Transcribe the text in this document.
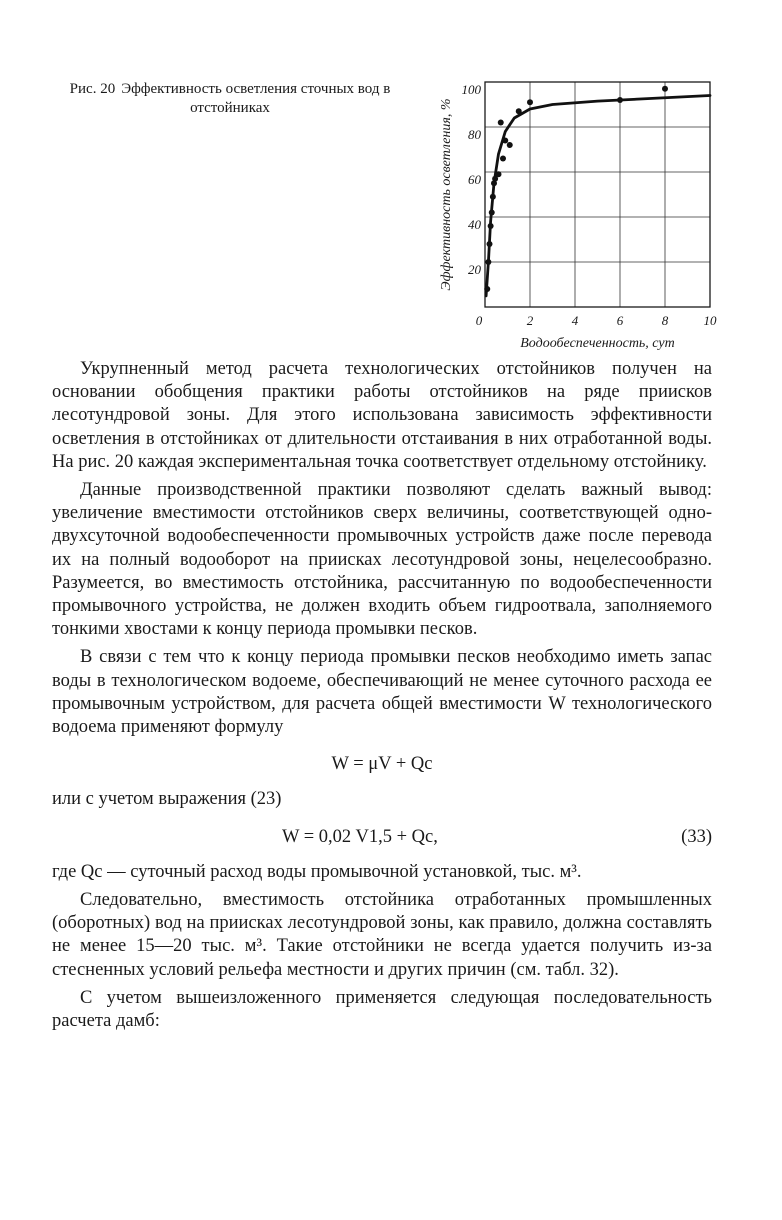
Рис. 20 Эффективность осветления сточных вод в отстойниках
0	2	4	6	8	10
20
40
60
80
100
Водообеспеченность, сут
Эффективность осветления, %

Укрупненный метод расчета технологических отстойников получен на основании обобщения практики работы отстойников на ряде приисков лесотундровой зоны. Для этого использована зависимость эффективности осветления в отстойниках от длительности отстаивания в них отработанной воды. На рис. 20 каждая экспериментальная точка соответствует отдельному отстойнику.

Данные производственной практики позволяют сделать важный вывод: увеличение вместимости отстойников сверх величины, соответствующей одно-двухсуточной водообеспеченности промывочных устройств даже после перевода их на полный водооборот на приисках лесотундровой зоны, нецелесообразно. Разумеется, во вместимость отстойника, рассчитанную по водообеспеченности промывочного устройства, не должен входить объем гидроотвала, заполняемого тонкими хвостами к концу периода промывки песков.

В связи с тем что к концу периода промывки песков необходимо иметь запас воды в технологическом водоеме, обеспечивающий не менее суточного расхода ее промывочным устройством, для расчета общей вместимости W технологического водоема применяют формулу

W = μV + Qс

или с учетом выражения (23)

W = 0,02 V1,5 + Qс,	(33)

где Qс — суточный расход воды промывочной установкой, тыс. м³.

Следовательно, вместимость отстойника отработанных промышленных (оборотных) вод на приисках лесотундровой зоны, как правило, должна составлять не менее 15—20 тыс. м³. Такие отстойники не всегда удается получить из-за стесненных условий рельефа местности и других причин (см. табл. 32).

С учетом вышеизложенного применяется следующая последовательность расчета дамб:
